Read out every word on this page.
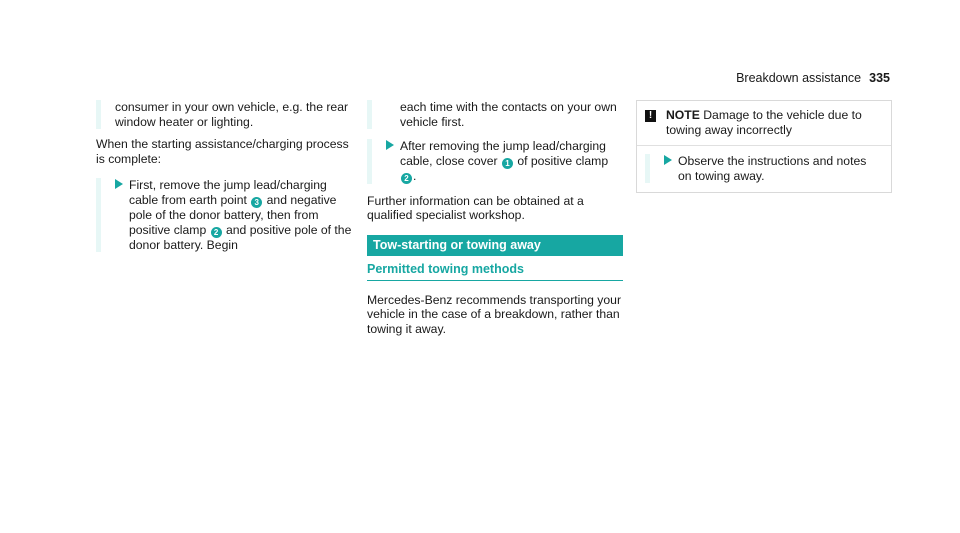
Breakdown assistance 335

consumer in your own vehicle, e.g. the rear window heater or lighting.

When the starting assistance/charging process is complete:

First, remove the jump lead/charging cable from earth point 3 and negative pole of the donor battery, then from positive clamp 2 and positive pole of the donor battery. Begin

each time with the contacts on your own vehicle first.

After removing the jump lead/charging cable, close cover 1 of positive clamp 2 .

Further information can be obtained at a qualified specialist workshop.

Tow-starting or towing away
Permitted towing methods

Mercedes-Benz recommends transporting your vehicle in the case of a breakdown, rather than towing it away.

!	NOTE Damage to the vehicle due to towing away incorrectly

Observe the instructions and notes on towing away.
